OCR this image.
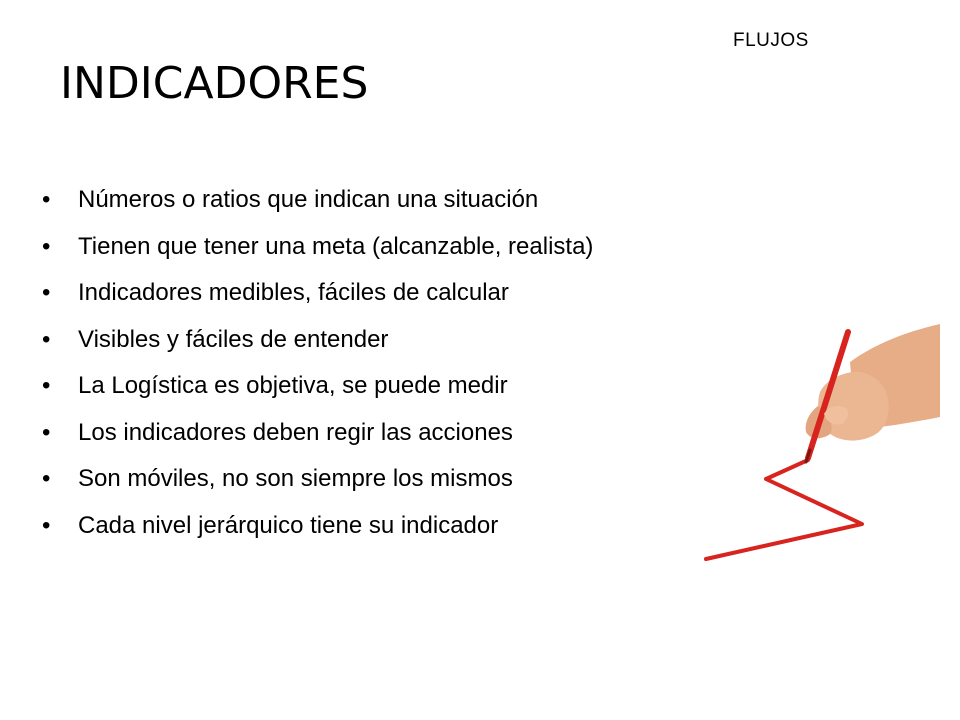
FLUJOS
INDICADORES
• Números o ratios que indican una situación
• Tienen que tener una meta (alcanzable, realista)
• Indicadores medibles, fáciles de calcular
• Visibles y fáciles de entender
• La Logística es objetiva, se puede medir
• Los indicadores deben regir las acciones
• Son móviles, no son siempre los mismos
• Cada nivel jerárquico tiene su indicador
